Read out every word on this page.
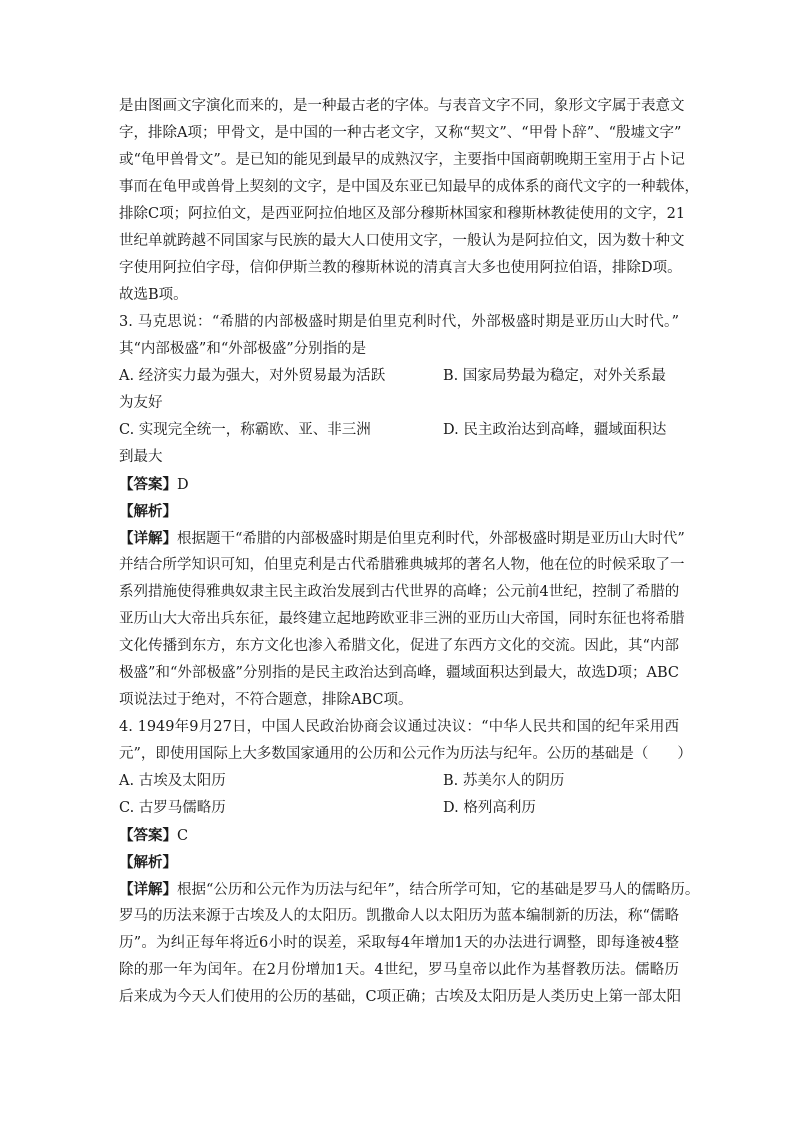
是由图画文字演化而来的，是一种最古老的字体。与表音文字不同，象形文字属于表意文
字，排除A项；甲骨文，是中国的一种古老文字，又称“契文”、“甲骨卜辞”、“殷墟文字”
或“龟甲兽骨文”。是已知的能见到最早的成熟汉字，主要指中国商朝晚期王室用于占卜记
事而在龟甲或兽骨上契刻的文字，是中国及东亚已知最早的成体系的商代文字的一种载体，
排除C项；阿拉伯文，是西亚阿拉伯地区及部分穆斯林国家和穆斯林教徒使用的文字，21
世纪单就跨越不同国家与民族的最大人口使用文字，一般认为是阿拉伯文，因为数十种文
字使用阿拉伯字母，信仰伊斯兰教的穆斯林说的清真言大多也使用阿拉伯语，排除D项。
故选B项。
3. 马克思说：“希腊的内部极盛时期是伯里克利时代，外部极盛时期是亚历山大时代。”
其“内部极盛”和“外部极盛”分别指的是
A. 经济实力最为强大，对外贸易最为活跃	B. 国家局势最为稳定，对外关系最
为友好
C. 实现完全统一，称霸欧、亚、非三洲	D. 民主政治达到高峰，疆域面积达
到最大
【答案】D
【解析】
【详解】根据题干“希腊的内部极盛时期是伯里克利时代，外部极盛时期是亚历山大时代”
并结合所学知识可知，伯里克利是古代希腊雅典城邦的著名人物，他在位的时候采取了一
系列措施使得雅典奴隶主民主政治发展到古代世界的高峰；公元前4世纪，控制了希腊的
亚历山大大帝出兵东征，最终建立起地跨欧亚非三洲的亚历山大帝国，同时东征也将希腊
文化传播到东方，东方文化也渗入希腊文化，促进了东西方文化的交流。因此，其“内部
极盛”和“外部极盛”分别指的是民主政治达到高峰，疆域面积达到最大，故选D项；ABC
项说法过于绝对，不符合题意，排除ABC项。
4. 1949年9月27日，中国人民政治协商会议通过决议：“中华人民共和国的纪年采用西
元”，即使用国际上大多数国家通用的公历和公元作为历法与纪年。公历的基础是（　　）
A. 古埃及太阳历	B. 苏美尔人的阴历
C. 古罗马儒略历	D. 格列高利历
【答案】C
【解析】
【详解】根据“公历和公元作为历法与纪年”，结合所学可知，它的基础是罗马人的儒略历。
罗马的历法来源于古埃及人的太阳历。凯撒命人以太阳历为蓝本编制新的历法，称“儒略
历”。为纠正每年将近6小时的误差，采取每4年增加1天的办法进行调整，即每逢被4整
除的那一年为闰年。在2月份增加1天。4世纪，罗马皇帝以此作为基督教历法。儒略历
后来成为今天人们使用的公历的基础，C项正确；古埃及太阳历是人类历史上第一部太阳
